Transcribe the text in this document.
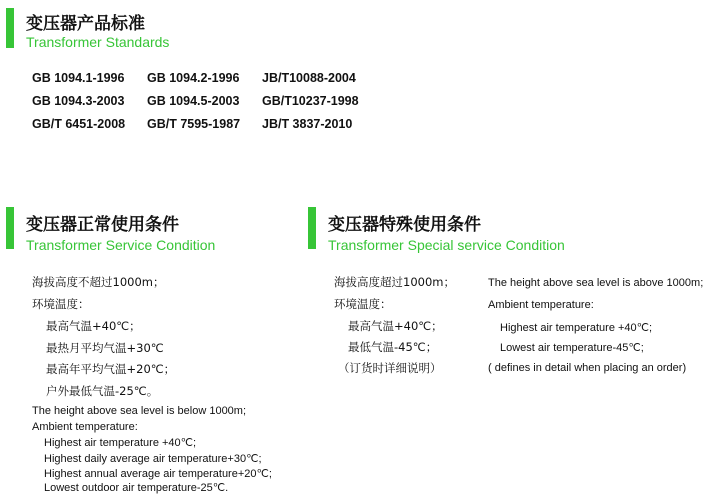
变压器产品标准
Transformer Standards
GB 1094.1-1996 GB 1094.2-1996 JB/T10088-2004
GB 1094.3-2003 GB 1094.5-2003 GB/T10237-1998
GB/T 6451-2008 GB/T 7595-1987 JB/T 3837-2010
变压器正常使用条件
Transformer Service Condition
海拔高度不超过1000m；
环境温度：
最高气温+40℃；
最热月平均气温+30℃
最高年平均气温+20℃；
户外最低气温-25℃。
The height above sea level is below 1000m;
Ambient temperature:
Highest air temperature +40℃;
Highest daily average air temperature+30℃;
Highest annual average air temperature+20℃;
Lowest outdoor air temperature-25℃.
变压器特殊使用条件
Transformer Special service Condition
海拔高度超过1000m；
环境温度：
最高气温+40℃；
最低气温-45℃；
（订货时详细说明）
The height above sea level is above 1000m;
Ambient temperature:
Highest air temperature +40℃;
Lowest air temperature-45℃;
( defines in detail when placing an order)
